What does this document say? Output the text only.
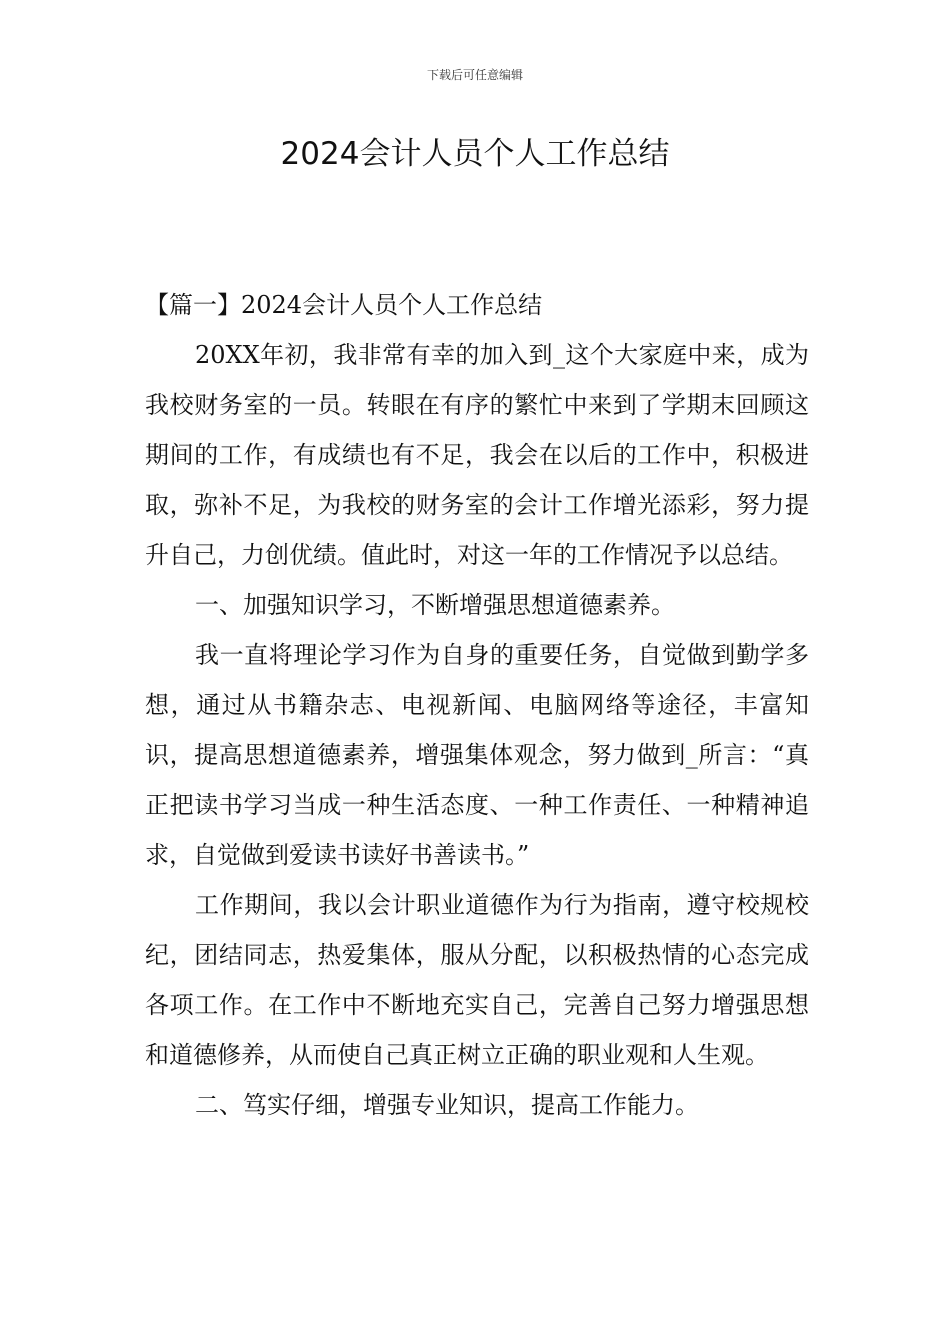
下载后可任意编辑
2024会计人员个人工作总结

【篇一】2024会计人员个人工作总结

20XX年初，我非常有幸的加入到_这个大家庭中来，成为我校财务室的一员。转眼在有序的繁忙中来到了学期末回顾这期间的工作，有成绩也有不足，我会在以后的工作中，积极进取，弥补不足，为我校的财务室的会计工作增光添彩，努力提升自己，力创优绩。值此时，对这一年的工作情况予以总结。

一、加强知识学习，不断增强思想道德素养。

我一直将理论学习作为自身的重要任务，自觉做到勤学多想，通过从书籍杂志、电视新闻、电脑网络等途径，丰富知识，提高思想道德素养，增强集体观念，努力做到_所言：“真正把读书学习当成一种生活态度、一种工作责任、一种精神追求，自觉做到爱读书读好书善读书。”

工作期间，我以会计职业道德作为行为指南，遵守校规校纪，团结同志，热爱集体，服从分配，以积极热情的心态完成各项工作。在工作中不断地充实自己，完善自己努力增强思想和道德修养，从而使自己真正树立正确的职业观和人生观。

二、笃实仔细，增强专业知识，提高工作能力。
